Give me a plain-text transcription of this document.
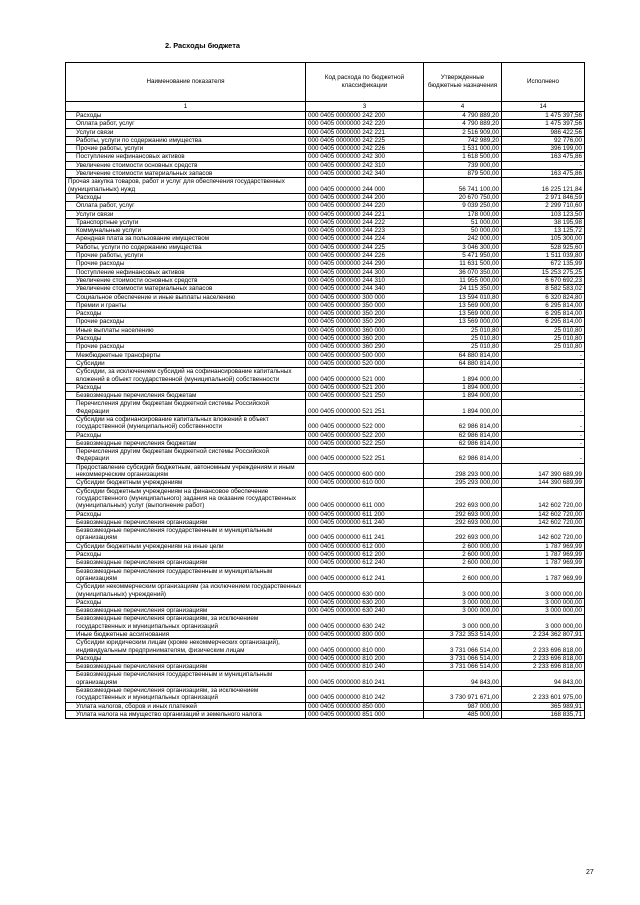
2. Расходы бюджета
Наименование показателя	Код расхода по бюджетной классификации	Утвержденные бюджетные назначения	Исполнено
1	3	4	14
Расходы	000 0405 0000000 242 200	4 790 889,20	1 475 397,56
Оплата работ, услуг	000 0405 0000000 242 220	4 790 889,20	1 475 397,56
Услуги связи	000 0405 0000000 242 221	2 516 909,00	986 422,56
Работы, услуги по содержанию имущества	000 0405 0000000 242 225	742 989,20	92 776,00
Прочие работы, услуги	000 0405 0000000 242 226	1 531 000,00	396 199,00
Поступление нефинансовых активов	000 0405 0000000 242 300	1 618 500,00	163 475,86
Увеличение стоимости основных средств	000 0405 0000000 242 310	739 000,00	-
Увеличение стоимости материальных запасов	000 0405 0000000 242 340	879 500,00	163 475,86
Прочая закупка товаров, работ и услуг для обеспечения государственных (муниципальных) нужд	000 0405 0000000 244 000	56 741 100,00	16 225 121,84
Расходы	000 0405 0000000 244 200	20 670 750,00	2 971 846,59
Оплата работ, услуг	000 0405 0000000 244 220	9 039 250,00	2 299 710,60
Услуги связи	000 0405 0000000 244 221	178 000,00	103 123,50
Транспортные услуги	000 0405 0000000 244 222	51 000,00	38 195,98
Коммунальные услуги	000 0405 0000000 244 223	50 000,00	13 125,72
Арендная плата за пользование имуществом	000 0405 0000000 244 224	242 000,00	105 300,00
Работы, услуги по содержанию имущества	000 0405 0000000 244 225	3 046 300,00	528 925,60
Прочие работы, услуги	000 0405 0000000 244 226	5 471 950,00	1 511 039,80
Прочие расходы	000 0405 0000000 244 290	11 631 500,00	672 135,99
Поступление нефинансовых активов	000 0405 0000000 244 300	36 070 350,00	15 253 275,25
Увеличение стоимости основных средств	000 0405 0000000 244 310	11 955 000,00	6 670 692,23
Увеличение стоимости материальных запасов	000 0405 0000000 244 340	24 115 350,00	8 582 583,02
Социальное обеспечение и иные выплаты населению	000 0405 0000000 300 000	13 594 010,80	6 320 824,80
Премии и гранты	000 0405 0000000 350 000	13 569 000,00	6 295 814,00
Расходы	000 0405 0000000 350 200	13 569 000,00	6 295 814,00
Прочие расходы	000 0405 0000000 350 290	13 569 000,00	6 295 814,00
Иные выплаты населению	000 0405 0000000 360 000	25 010,80	25 010,80
Расходы	000 0405 0000000 360 200	25 010,80	25 010,80
Прочие расходы	000 0405 0000000 360 290	25 010,80	25 010,80
Межбюджетные трансферты	000 0405 0000000 500 000	64 880 814,00	-
Субсидии	000 0405 0000000 520 000	64 880 814,00	-
Субсидии, за исключением субсидий на софинансирование капитальных вложений в объект государственной (муниципальной) собственности	000 0405 0000000 521 000	1 894 000,00	-
Расходы	000 0405 0000000 521 200	1 894 000,00	-
Безвозмездные перечисления бюджетам	000 0405 0000000 521 250	1 894 000,00	-
Перечисления другим бюджетам бюджетной системы Российской Федерации	000 0405 0000000 521 251	1 894 000,00	-
Субсидии на софинансирование капитальных вложений в объект государственной (муниципальной) собственности	000 0405 0000000 522 000	62 986 814,00	-
Расходы	000 0405 0000000 522 200	62 986 814,00	-
Безвозмездные перечисления бюджетам	000 0405 0000000 522 250	62 986 814,00	-
Перечисления другим бюджетам бюджетной системы Российской Федерации	000 0405 0000000 522 251	62 986 814,00	-
Предоставление субсидий бюджетным, автономным учреждениям и иным некоммерческим организациям	000 0405 0000000 600 000	298 293 000,00	147 390 689,99
Субсидии бюджетным учреждениям	000 0405 0000000 610 000	295 293 000,00	144 390 689,99
Субсидии бюджетным учреждениям на финансовое обеспечение государственного (муниципального) задания на оказание государственных (муниципальных) услуг (выполнение работ)	000 0405 0000000 611 000	292 693 000,00	142 602 720,00
Расходы	000 0405 0000000 611 200	292 693 000,00	142 602 720,00
Безвозмездные перечисления организациям	000 0405 0000000 611 240	292 693 000,00	142 602 720,00
Безвозмездные перечисления государственным и муниципальным организациям	000 0405 0000000 611 241	292 693 000,00	142 602 720,00
Субсидии бюджетным учреждениям на иные цели	000 0405 0000000 612 000	2 600 000,00	1 787 969,99
Расходы	000 0405 0000000 612 200	2 600 000,00	1 787 969,99
Безвозмездные перечисления организациям	000 0405 0000000 612 240	2 600 000,00	1 787 969,99
Безвозмездные перечисления государственным и муниципальным организациям	000 0405 0000000 612 241	2 600 000,00	1 787 969,99
Субсидии некоммерческим организациям (за исключением государственных (муниципальных) учреждений)	000 0405 0000000 630 000	3 000 000,00	3 000 000,00
Расходы	000 0405 0000000 630 200	3 000 000,00	3 000 000,00
Безвозмездные перечисления организациям	000 0405 0000000 630 240	3 000 000,00	3 000 000,00
Безвозмездные перечисления организациям, за исключением государственных и муниципальных организаций	000 0405 0000000 630 242	3 000 000,00	3 000 000,00
Иные бюджетные ассигнования	000 0405 0000000 800 000	3 732 353 514,00	2 234 362 807,91
Субсидии юридическим лицам (кроме некоммерческих организаций), индивидуальным предпринимателям, физическим лицам	000 0405 0000000 810 000	3 731 066 514,00	2 233 696 818,00
Расходы	000 0405 0000000 810 200	3 731 066 514,00	2 233 696 818,00
Безвозмездные перечисления организациям	000 0405 0000000 810 240	3 731 066 514,00	2 233 696 818,00
Безвозмездные перечисления государственным и муниципальным организациям	000 0405 0000000 810 241	94 843,00	94 843,00
Безвозмездные перечисления организациям, за исключением государственных и муниципальных организаций	000 0405 0000000 810 242	3 730 971 671,00	2 233 601 975,00
Уплата налогов, сборов и иных платежей	000 0405 0000000 850 000	987 000,00	365 989,91
Уплата налога на имущество организаций и земельного налога	000 0405 0000000 851 000	485 000,00	168 835,71
27
